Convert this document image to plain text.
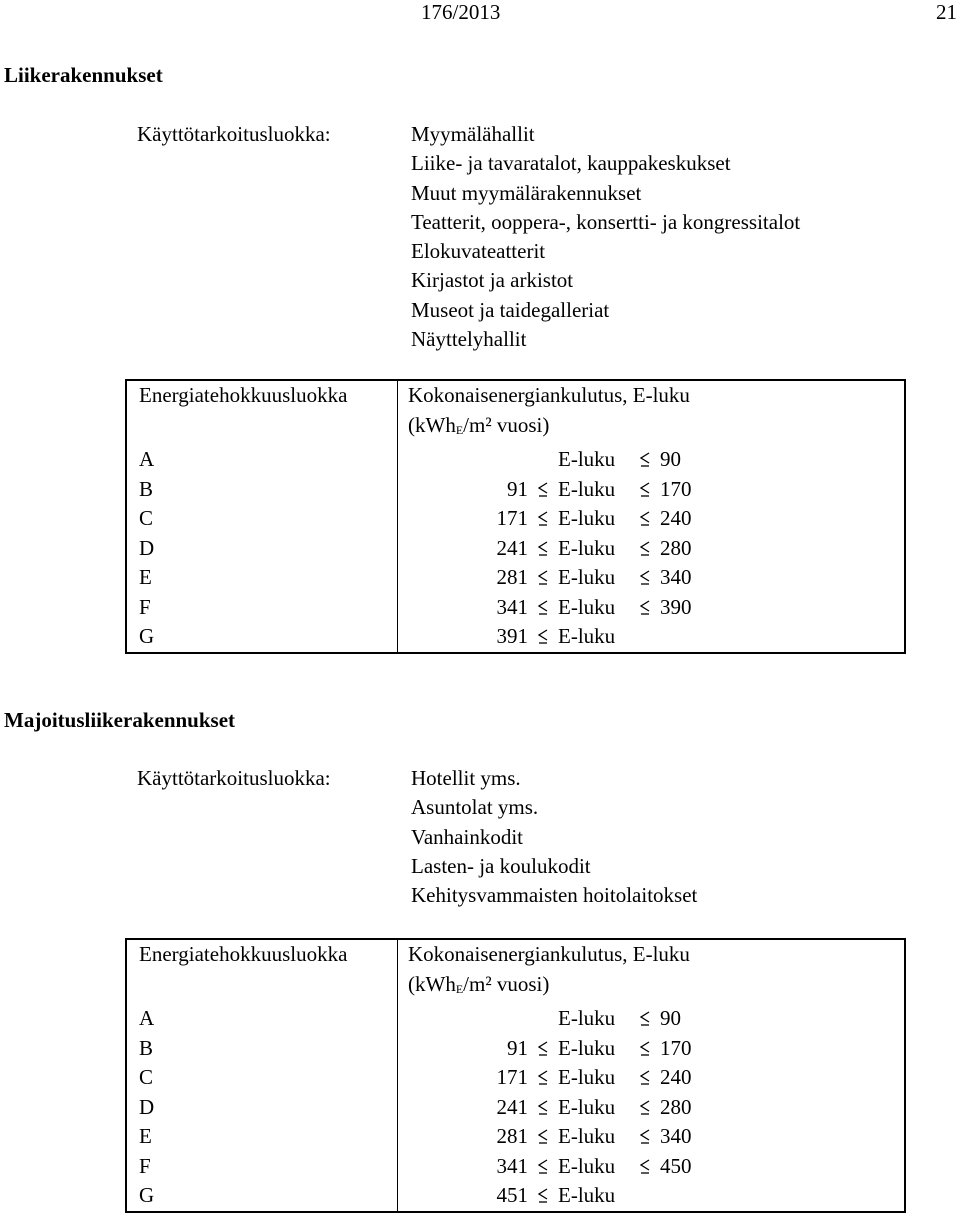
176/2013	21
Liikerakennukset
Käyttötarkoitusluokka:	Myymälähallit
Liike- ja tavaratalot, kauppakeskukset
Muut myymälärakennukset
Teatterit, ooppera-, konsertti- ja kongressitalot
Elokuvateatterit
Kirjastot ja arkistot
Museot ja taidegalleriat
Näyttelyhallit
Energiatehokkuusluokka	Kokonaisenergiankulutus, E-luku
	(kWh$_E$/m² vuosi)
A	E-luku 90

B	91 E-luku 170

C	171 E-luku 240

D	241 E-luku 280

E	281 E-luku 340

F	341 E-luku 390

G	391 E-luku
Majoitusliikerakennukset
Käyttötarkoitusluokka:	Hotellit yms.
Asuntolat yms.
Vanhainkodit
Lasten- ja koulukodit
Kehitysvammaisten hoitolaitokset
Energiatehokkuusluokka	Kokonaisenergiankulutus, E-luku
	(kWh$_E$/m² vuosi)
A	E-luku 90

B	91 E-luku 170

C	171 E-luku 240

D	241 E-luku 280

E	281 E-luku 340

F	341 E-luku 450

G	451 E-luku
